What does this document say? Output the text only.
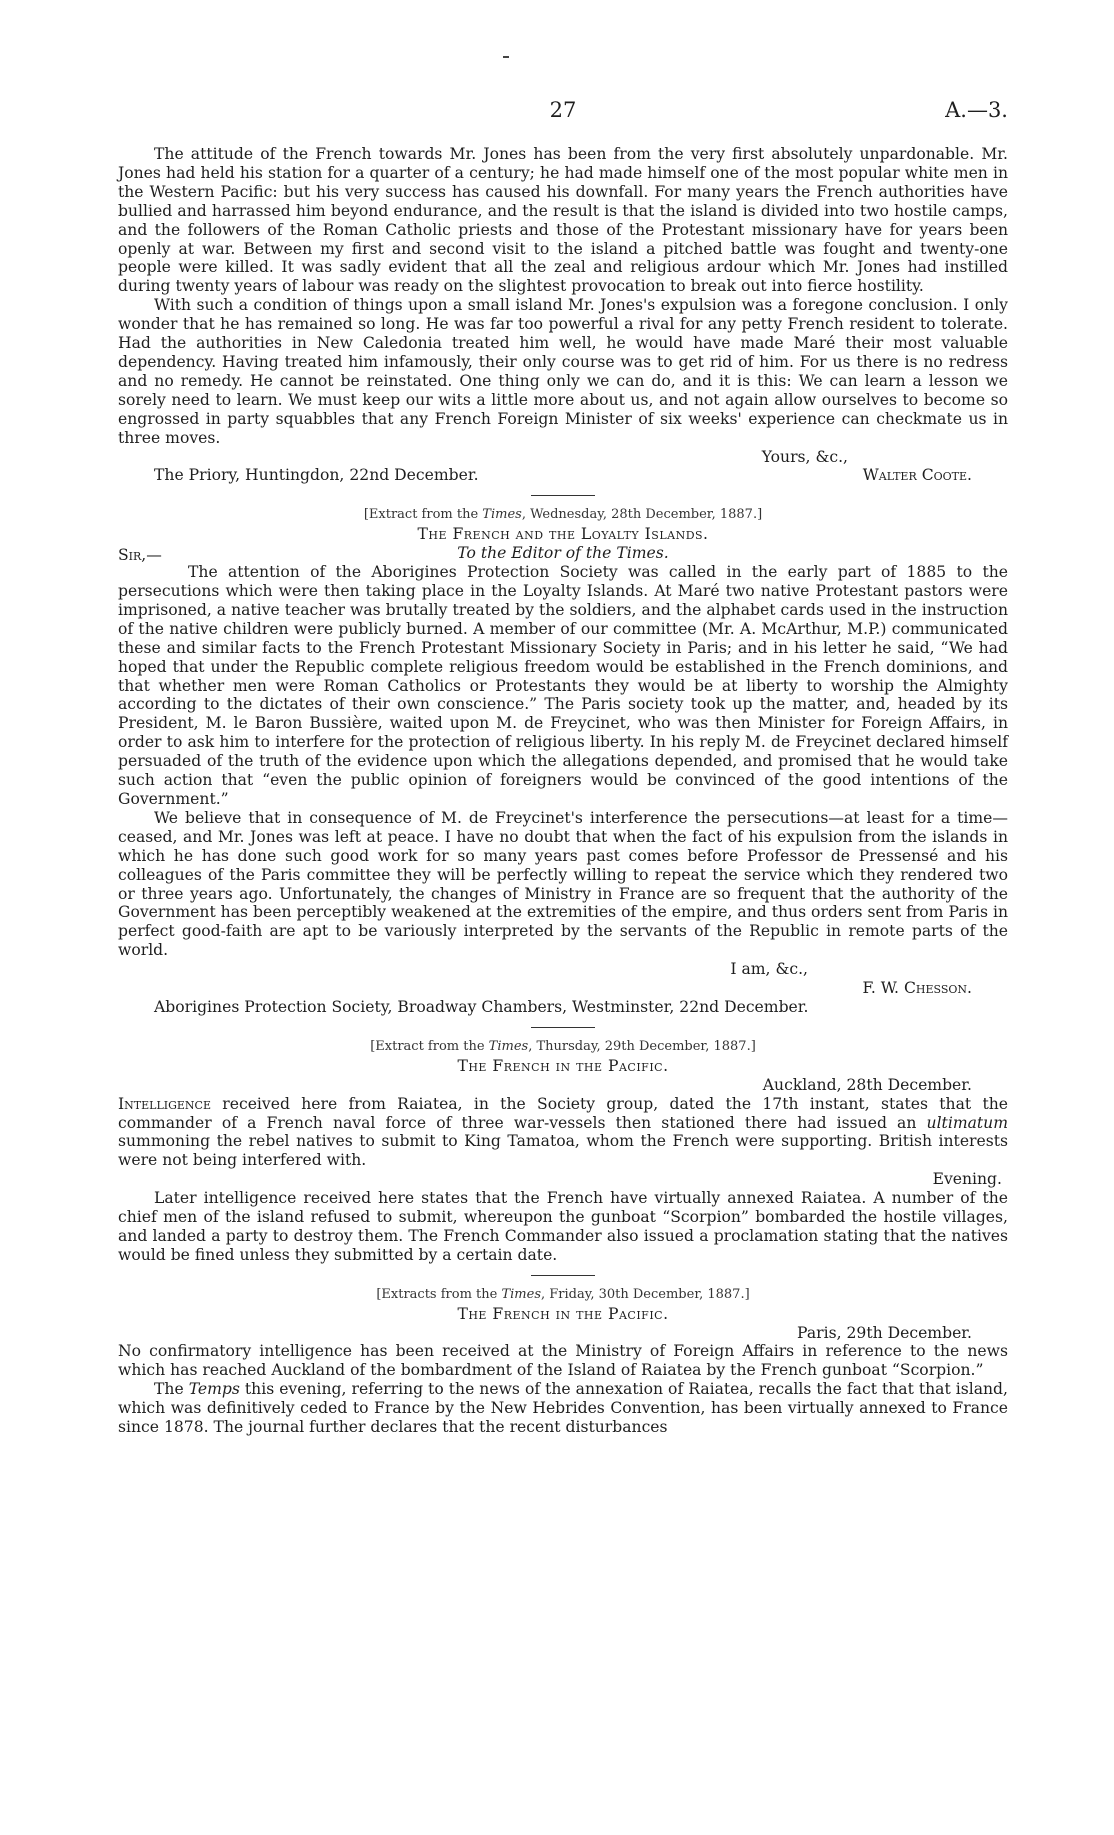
27	A.—3.

The attitude of the French towards Mr. Jones has been from the very first absolutely unpardonable. Mr. Jones had held his station for a quarter of a century; he had made himself one of the most popular white men in the Western Pacific: but his very success has caused his downfall. For many years the French authorities have bullied and harrassed him beyond endurance, and the result is that the island is divided into two hostile camps, and the followers of the Roman Catholic priests and those of the Protestant missionary have for years been openly at war. Between my first and second visit to the island a pitched battle was fought and twenty-one people were killed. It was sadly evident that all the zeal and religious ardour which Mr. Jones had instilled during twenty years of labour was ready on the slightest provocation to break out into fierce hostility.

With such a condition of things upon a small island Mr. Jones's expulsion was a foregone conclusion. I only wonder that he has remained so long. He was far too powerful a rival for any petty French resident to tolerate. Had the authorities in New Caledonia treated him well, he would have made Maré their most valuable dependency. Having treated him infamously, their only course was to get rid of him. For us there is no redress and no remedy. He cannot be reinstated. One thing only we can do, and it is this: We can learn a lesson we sorely need to learn. We must keep our wits a little more about us, and not again allow ourselves to become so engrossed in party squabbles that any French Foreign Minister of six weeks' experience can checkmate us in three moves.

Yours, &c.,

The Priory, Huntingdon, 22nd December.	Walter Coote.
[Extract from the Times, Wednesday, 28th December, 1887.]
The French and the Loyalty Islands.
Sir,—	To the Editor of the Times.

The attention of the Aborigines Protection Society was called in the early part of 1885 to the persecutions which were then taking place in the Loyalty Islands. At Maré two native Protestant pastors were imprisoned, a native teacher was brutally treated by the soldiers, and the alphabet cards used in the instruction of the native children were publicly burned. A member of our committee (Mr. A. McArthur, M.P.) communicated these and similar facts to the French Protestant Missionary Society in Paris; and in his letter he said, “We had hoped that under the Republic complete religious freedom would be established in the French dominions, and that whether men were Roman Catholics or Protestants they would be at liberty to worship the Almighty according to the dictates of their own conscience.” The Paris society took up the matter, and, headed by its President, M. le Baron Bussière, waited upon M. de Freycinet, who was then Minister for Foreign Affairs, in order to ask him to interfere for the protection of religious liberty. In his reply M. de Freycinet declared himself persuaded of the truth of the evidence upon which the allegations depended, and promised that he would take such action that “even the public opinion of foreigners would be convinced of the good intentions of the Government.”

We believe that in consequence of M. de Freycinet's interference the persecutions—at least for a time—ceased, and Mr. Jones was left at peace. I have no doubt that when the fact of his expulsion from the islands in which he has done such good work for so many years past comes before Professor de Pressensé and his colleagues of the Paris committee they will be perfectly willing to repeat the service which they rendered two or three years ago. Unfortunately, the changes of Ministry in France are so frequent that the authority of the Government has been perceptibly weakened at the extremities of the empire, and thus orders sent from Paris in perfect good-faith are apt to be variously interpreted by the servants of the Republic in remote parts of the world.

I am, &c.,

F. W. Chesson.

Aborigines Protection Society, Broadway Chambers, Westminster, 22nd December.

[Extract from the Times, Thursday, 29th December, 1887.]
The French in the Pacific.

Auckland, 28th December.

Intelligence received here from Raiatea, in the Society group, dated the 17th instant, states that the commander of a French naval force of three war-vessels then stationed there had issued an ultimatum summoning the rebel natives to submit to King Tamatoa, whom the French were supporting. British interests were not being interfered with.

Evening.

Later intelligence received here states that the French have virtually annexed Raiatea. A number of the chief men of the island refused to submit, whereupon the gunboat “Scorpion” bombarded the hostile villages, and landed a party to destroy them. The French Commander also issued a proclamation stating that the natives would be fined unless they submitted by a certain date.

[Extracts from the Times, Friday, 30th December, 1887.]
The French in the Pacific.

Paris, 29th December.

No confirmatory intelligence has been received at the Ministry of Foreign Affairs in reference to the news which has reached Auckland of the bombardment of the Island of Raiatea by the French gunboat “Scorpion.”

The Temps this evening, referring to the news of the annexation of Raiatea, recalls the fact that that island, which was definitively ceded to France by the New Hebrides Convention, has been virtually annexed to France since 1878. The journal further declares that the recent disturbances
